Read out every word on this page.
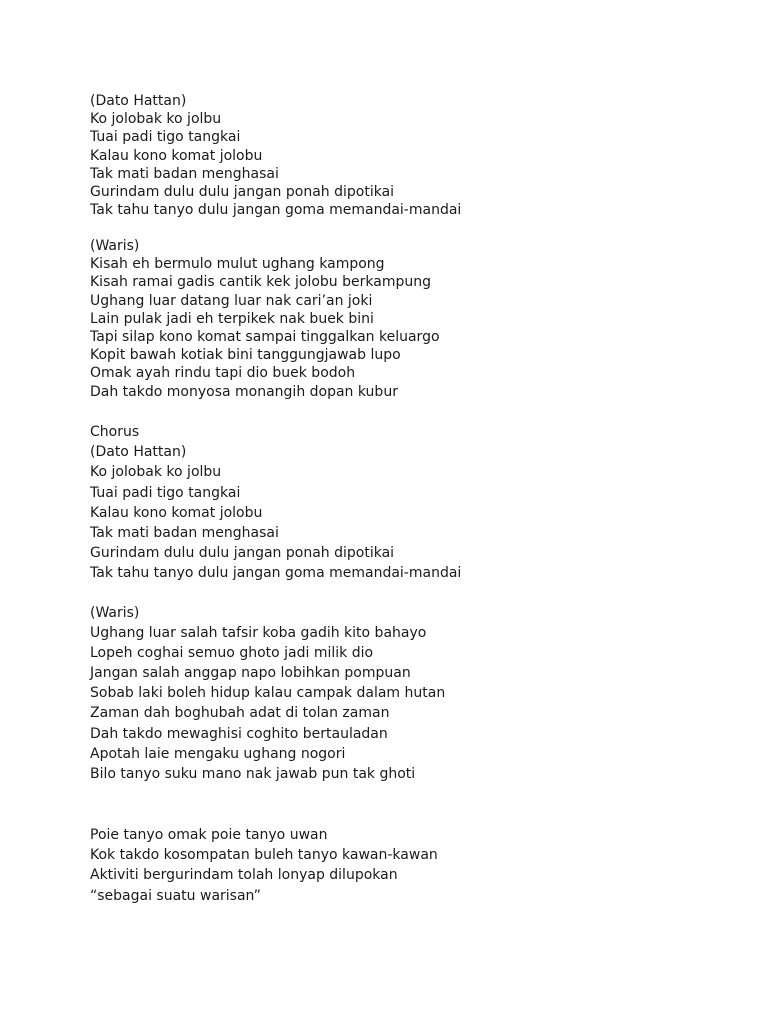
(Dato Hattan)
Ko jolobak ko jolbu
Tuai padi tigo tangkai
Kalau kono komat jolobu
Tak mati badan menghasai
Gurindam dulu dulu jangan ponah dipotikai
Tak tahu tanyo dulu jangan goma memandai-mandai
(Waris)
Kisah eh bermulo mulut ughang kampong
Kisah ramai gadis cantik kek jolobu berkampung
Ughang luar datang luar nak cari’an joki
Lain pulak jadi eh terpikek nak buek bini
Tapi silap kono komat sampai tinggalkan keluargo
Kopit bawah kotiak bini tanggungjawab lupo
Omak ayah rindu tapi dio buek bodoh
Dah takdo monyosa monangih dopan kubur
Chorus
(Dato Hattan)
Ko jolobak ko jolbu
Tuai padi tigo tangkai
Kalau kono komat jolobu
Tak mati badan menghasai
Gurindam dulu dulu jangan ponah dipotikai
Tak tahu tanyo dulu jangan goma memandai-mandai
(Waris)
Ughang luar salah tafsir koba gadih kito bahayo
Lopeh coghai semuo ghoto jadi milik dio
Jangan salah anggap napo lobihkan pompuan
Sobab laki boleh hidup kalau campak dalam hutan
Zaman dah boghubah adat di tolan zaman
Dah takdo mewaghisi coghito bertauladan
Apotah laie mengaku ughang nogori
Bilo tanyo suku mano nak jawab pun tak ghoti
Poie tanyo omak poie tanyo uwan
Kok takdo kosompatan buleh tanyo kawan-kawan
Aktiviti bergurindam tolah lonyap dilupokan
“sebagai suatu warisan”
